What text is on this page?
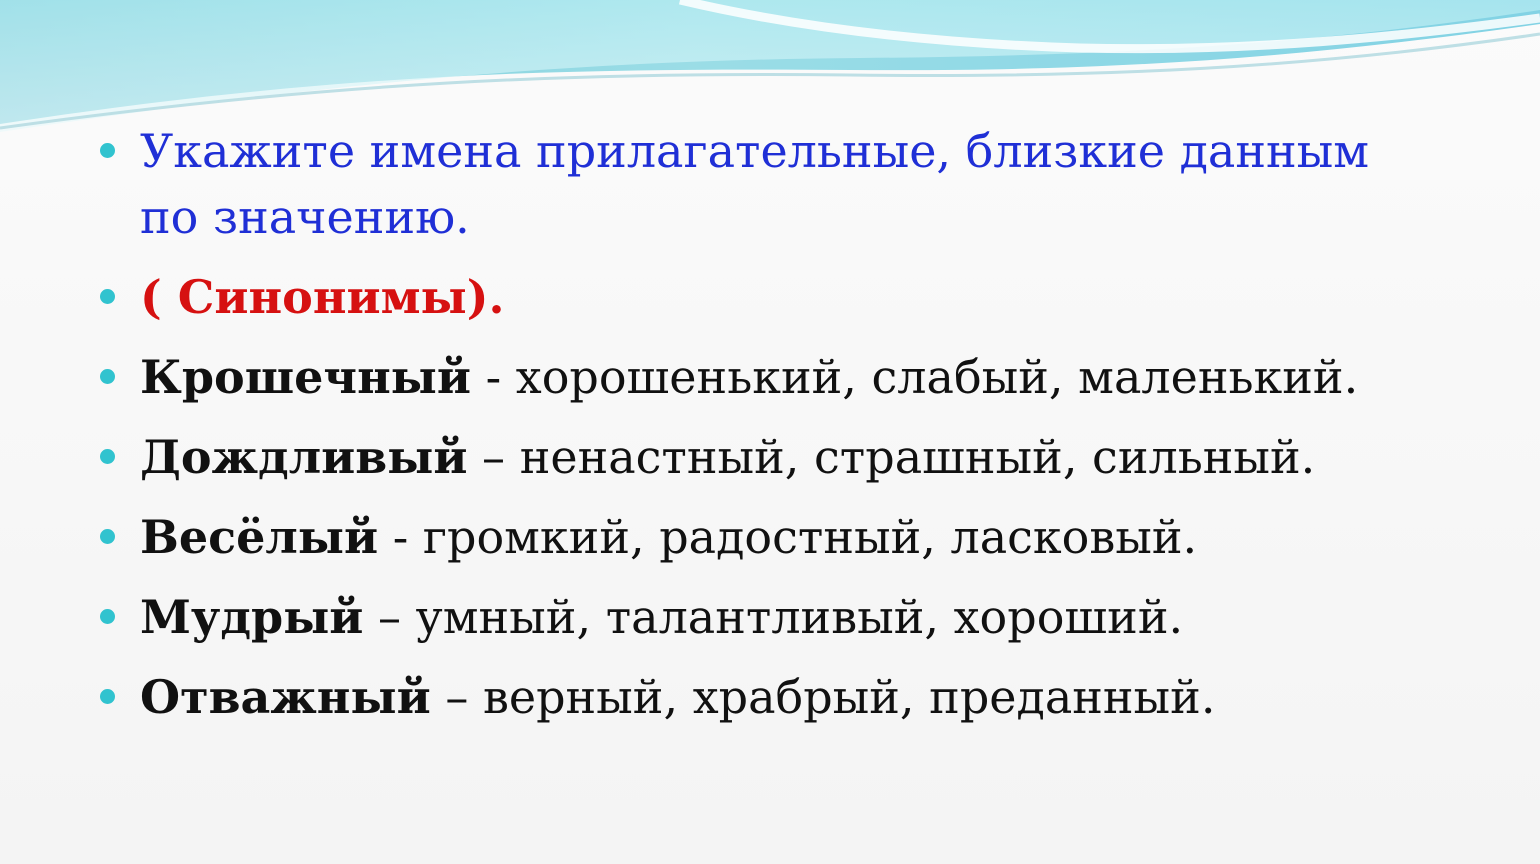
Укажите имена прилагательные, близкие данным по значению.
( Синонимы).
Крошечный - хорошенький, слабый, маленький.
Дождливый – ненастный, страшный, сильный.
Весёлый - громкий, радостный, ласковый.
Мудрый – умный, талантливый, хороший.
Отважный – верный, храбрый, преданный.
